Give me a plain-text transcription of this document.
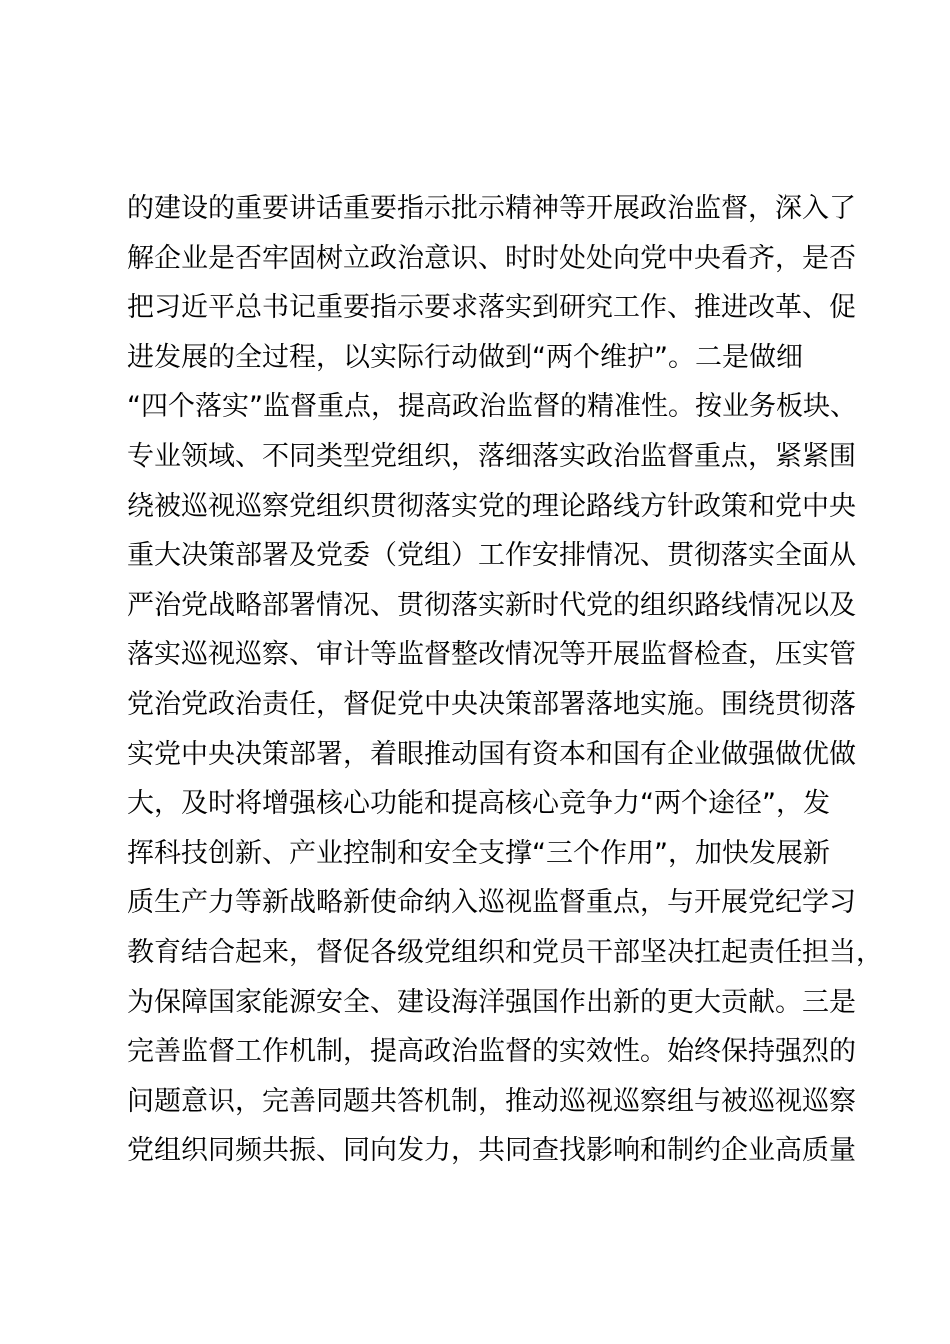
的建设的重要讲话重要指示批示精神等开展政治监督，深入了
解企业是否牢固树立政治意识、时时处处向党中央看齐，是否
把习近平总书记重要指示要求落实到研究工作、推进改革、促
进发展的全过程，以实际行动做到“两个维护”。二是做细
“四个落实”监督重点，提高政治监督的精准性。按业务板块、
专业领域、不同类型党组织，落细落实政治监督重点，紧紧围
绕被巡视巡察党组织贯彻落实党的理论路线方针政策和党中央
重大决策部署及党委（党组）工作安排情况、贯彻落实全面从
严治党战略部署情况、贯彻落实新时代党的组织路线情况以及
落实巡视巡察、审计等监督整改情况等开展监督检查，压实管
党治党政治责任，督促党中央决策部署落地实施。围绕贯彻落
实党中央决策部署，着眼推动国有资本和国有企业做强做优做
大，及时将增强核心功能和提高核心竞争力“两个途径”，发
挥科技创新、产业控制和安全支撑“三个作用”，加快发展新
质生产力等新战略新使命纳入巡视监督重点，与开展党纪学习
教育结合起来，督促各级党组织和党员干部坚决扛起责任担当，
为保障国家能源安全、建设海洋强国作出新的更大贡献。三是
完善监督工作机制，提高政治监督的实效性。始终保持强烈的
问题意识，完善同题共答机制，推动巡视巡察组与被巡视巡察
党组织同频共振、同向发力，共同查找影响和制约企业高质量
